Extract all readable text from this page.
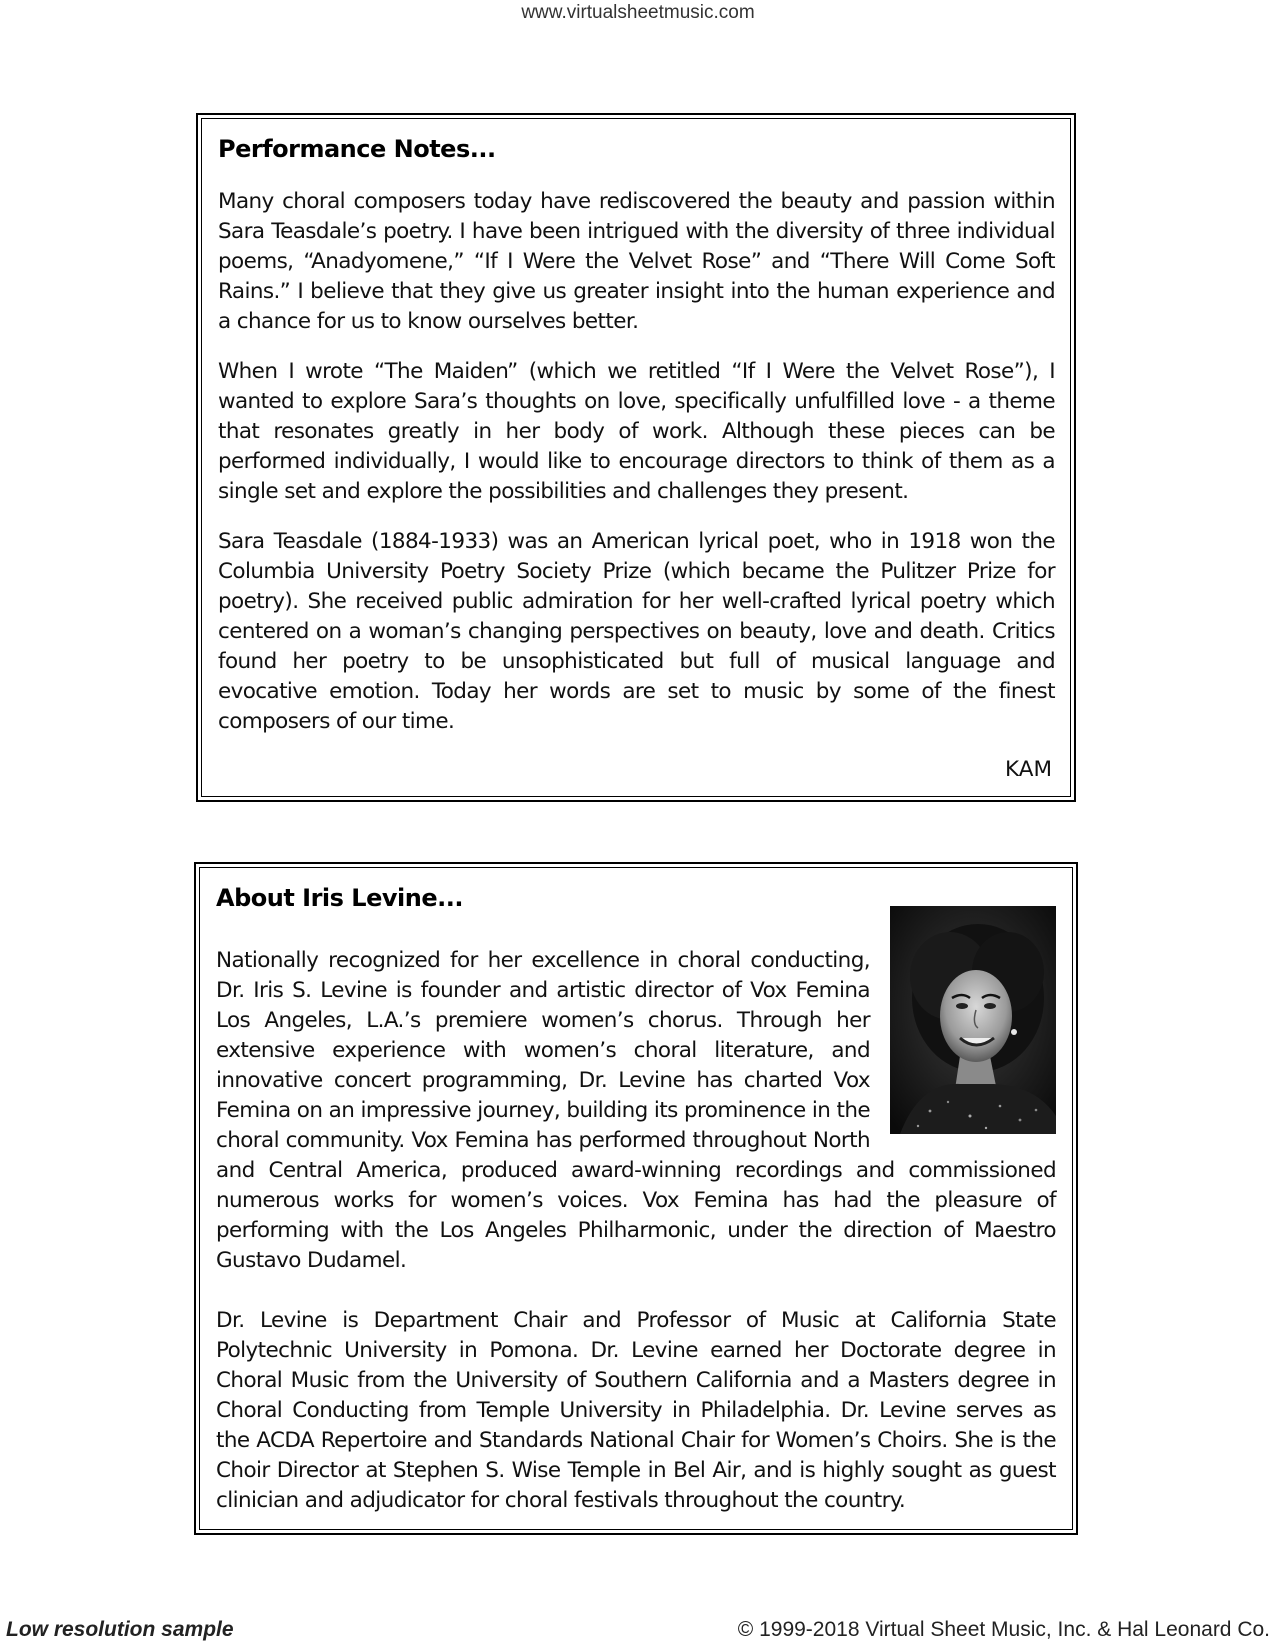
www.virtualsheetmusic.com
Performance Notes...

Many choral composers today have rediscovered the beauty and passion within Sara Teasdale’s poetry. I have been intrigued with the diversity of three individual poems, “Anadyomene,” “If I Were the Velvet Rose” and “There Will Come Soft Rains.” I believe that they give us greater insight into the human experience and a chance for us to know ourselves better.

When I wrote “The Maiden” (which we retitled “If I Were the Velvet Rose”), I wanted to explore Sara’s thoughts on love, specifically unfulfilled love - a theme that resonates greatly in her body of work. Although these pieces can be performed individually, I would like to encourage directors to think of them as a single set and explore the possibilities and challenges they present.

Sara Teasdale (1884-1933) was an American lyrical poet, who in 1918 won the Columbia University Poetry Society Prize (which became the Pulitzer Prize for poetry). She received public admiration for her well-crafted lyrical poetry which centered on a woman’s changing perspectives on beauty, love and death. Critics found her poetry to be unsophisticated but full of musical language and evocative emotion. Today her words are set to music by some of the finest composers of our time.

KAM

About Iris Levine...

Nationally recognized for her excellence in choral conducting, Dr. Iris S. Levine is founder and artistic director of Vox Femina Los Angeles, L.A.’s premiere women’s chorus. Through her extensive experience with women’s choral literature, and innovative concert programming, Dr. Levine has charted Vox Femina on an impressive journey, building its prominence in the choral community. Vox Femina has performed throughout North and Central America, produced award-winning recordings and commissioned numerous works for women’s voices. Vox Femina has had the pleasure of performing with the Los Angeles Philharmonic, under the direction of Maestro Gustavo Dudamel.

Dr. Levine is Department Chair and Professor of Music at California State Polytechnic University in Pomona. Dr. Levine earned her Doctorate degree in Choral Music from the University of Southern California and a Masters degree in Choral Conducting from Temple University in Philadelphia. Dr. Levine serves as the ACDA Repertoire and Standards National Chair for Women’s Choirs. She is the Choir Director at Stephen S. Wise Temple in Bel Air, and is highly sought as guest clinician and adjudicator for choral festivals throughout the country.

Low resolution sample	© 1999-2018 Virtual Sheet Music, Inc. & Hal Leonard Co.
